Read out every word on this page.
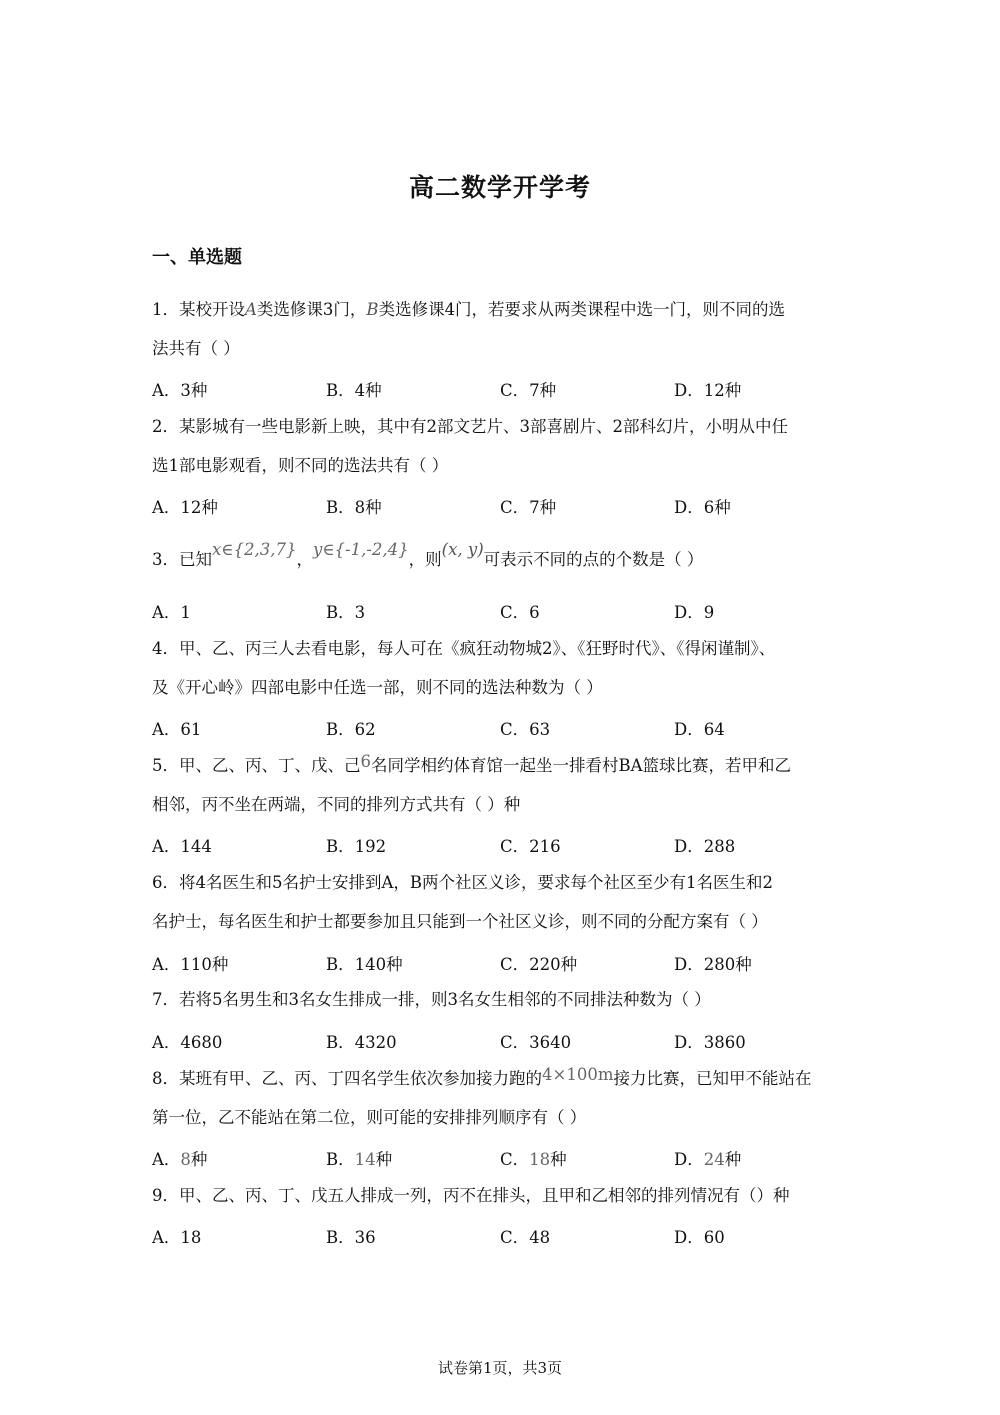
高二数学开学考
一、单选题
1．某校开设A类选修课3门，B类选修课4门，若要求从两类课程中选一门，则不同的选
法共有（ ）
A．3种	B．4种	C．7种	D．12种
2．某影城有一些电影新上映，其中有2部文艺片、3部喜剧片、2部科幻片，小明从中任
选1部电影观看，则不同的选法共有（ ）
A．12种	B．8种	C．7种	D．6种
3．已知x∈{2,3,7}，y∈{-1,-2,4}，则(x, y)可表示不同的点的个数是（ ）
A．1	B．3	C．6	D．9
4．甲、乙、丙三人去看电影，每人可在《疯狂动物城2》、《狂野时代》、《得闲谨制》、
及《开心岭》四部电影中任选一部，则不同的选法种数为（ ）
A．61	B．62	C．63	D．64
5．甲、乙、丙、丁、戊、己6名同学相约体育馆一起坐一排看村BA篮球比赛，若甲和乙
相邻，丙不坐在两端，不同的排列方式共有（ ）种
A．144	B．192	C．216	D．288
6．将4名医生和5名护士安排到A，B两个社区义诊，要求每个社区至少有1名医生和2
名护士，每名医生和护士都要参加且只能到一个社区义诊，则不同的分配方案有（ ）
A．110种	B．140种	C．220种	D．280种
7．若将5名男生和3名女生排成一排，则3名女生相邻的不同排法种数为（ ）
A．4680	B．4320	C．3640	D．3860
8．某班有甲、乙、丙、丁四名学生依次参加接力跑的4×100m接力比赛，已知甲不能站在
第一位，乙不能站在第二位，则可能的安排排列顺序有（ ）
A．8种	B．14种	C．18种	D．24种
9．甲、乙、丙、丁、戊五人排成一列，丙不在排头，且甲和乙相邻的排列情况有（）种
A．18	B．36	C．48	D．60
试卷第1页，共3页
